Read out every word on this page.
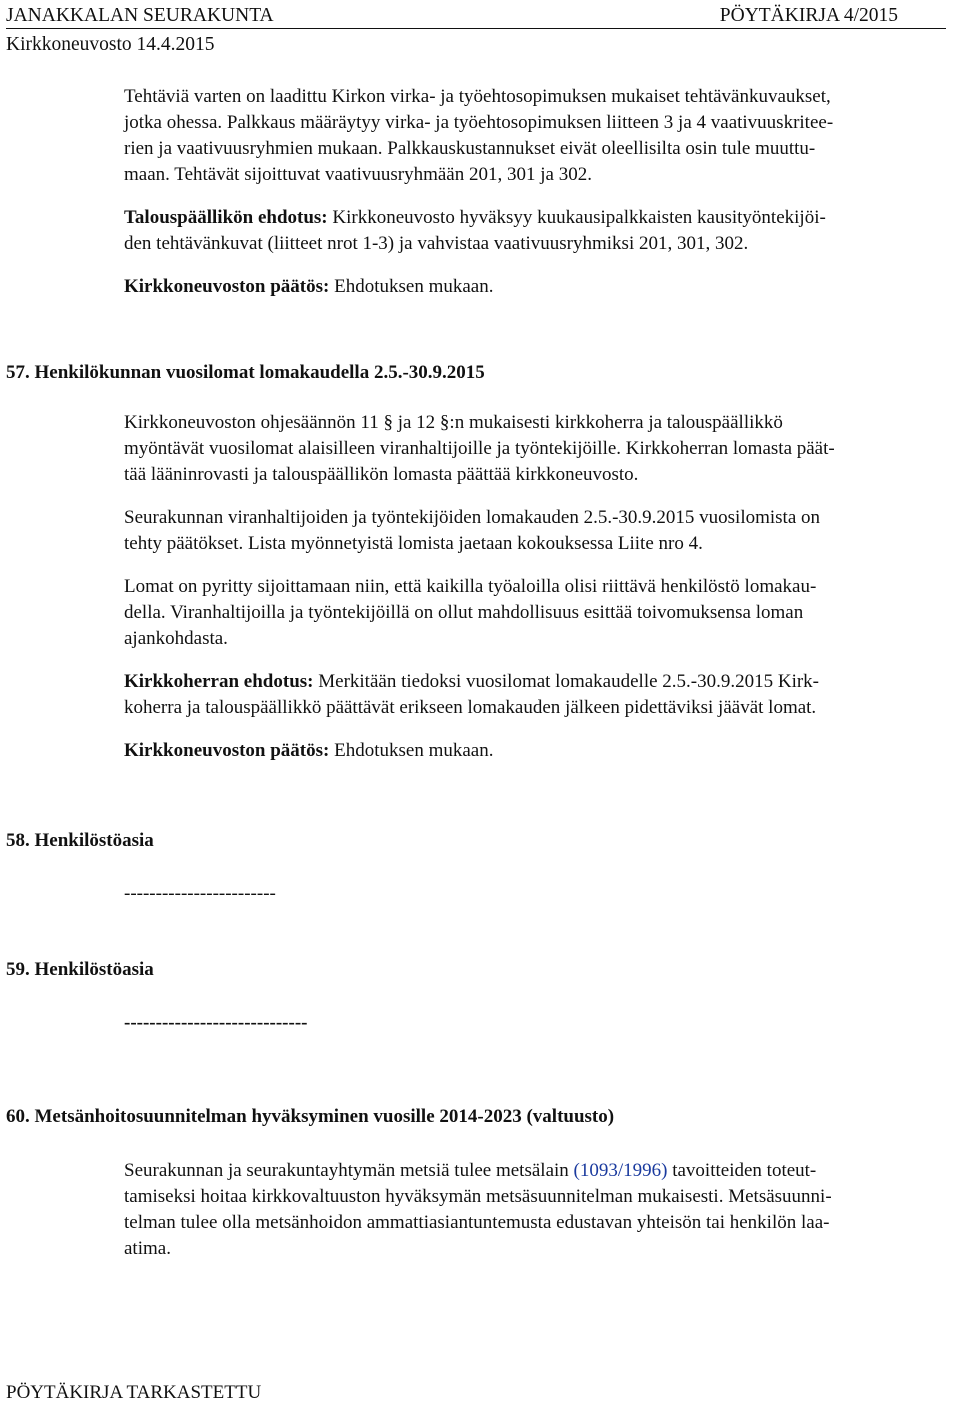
JANAKKALAN SEURAKUNTA	PÖYTÄKIRJA 4/2015
Kirkkoneuvosto 14.4.2015

Tehtäviä varten on laadittu Kirkon virka- ja työehtosopimuksen mukaiset tehtävänkuvaukset,

jotka ohessa. Palkkaus määräytyy virka- ja työehtosopimuksen liitteen 3 ja 4 vaativuuskritee-

rien ja vaativuusryhmien mukaan. Palkkauskustannukset eivät oleellisilta osin tule muuttu-

maan. Tehtävät sijoittuvat vaativuusryhmään 201, 301 ja 302.

Talouspäällikön ehdotus: Kirkkoneuvosto hyväksyy kuukausipalkkaisten kausityöntekijöi-

den tehtävänkuvat (liitteet nrot 1-3) ja vahvistaa vaativuusryhmiksi 201, 301, 302.

Kirkkoneuvoston päätös: Ehdotuksen mukaan.

57. Henkilökunnan vuosilomat lomakaudella 2.5.-30.9.2015

Kirkkoneuvoston ohjesäännön 11 § ja 12 §:n mukaisesti kirkkoherra ja talouspäällikkö

myöntävät vuosilomat alaisilleen viranhaltijoille ja työntekijöille. Kirkkoherran lomasta päät-

tää lääninrovasti ja talouspäällikön lomasta päättää kirkkoneuvosto.

Seurakunnan viranhaltijoiden ja työntekijöiden lomakauden 2.5.-30.9.2015 vuosilomista on

tehty päätökset. Lista myönnetyistä lomista jaetaan kokouksessa Liite nro 4.

Lomat on pyritty sijoittamaan niin, että kaikilla työaloilla olisi riittävä henkilöstö lomakau-

della. Viranhaltijoilla ja työntekijöillä on ollut mahdollisuus esittää toivomuksensa loman

ajankohdasta.

Kirkkoherran ehdotus: Merkitään tiedoksi vuosilomat lomakaudelle 2.5.-30.9.2015 Kirk-

koherra ja talouspäällikkö päättävät erikseen lomakauden jälkeen pidettäviksi jäävät lomat.

Kirkkoneuvoston päätös: Ehdotuksen mukaan.

58. Henkilöstöasia

------------------------

59. Henkilöstöasia

-----------------------------

60. Metsänhoitosuunnitelman hyväksyminen vuosille 2014-2023 (valtuusto)

Seurakunnan ja seurakuntayhtymän metsiä tulee metsälain (1093/1996) tavoitteiden toteut-

tamiseksi hoitaa kirkkovaltuuston hyväksymän metsäsuunnitelman mukaisesti. Metsäsuunni-

telman tulee olla metsänhoidon ammattiasiantuntemusta edustavan yhteisön tai henkilön laa-

atima.

PÖYTÄKIRJA TARKASTETTU
